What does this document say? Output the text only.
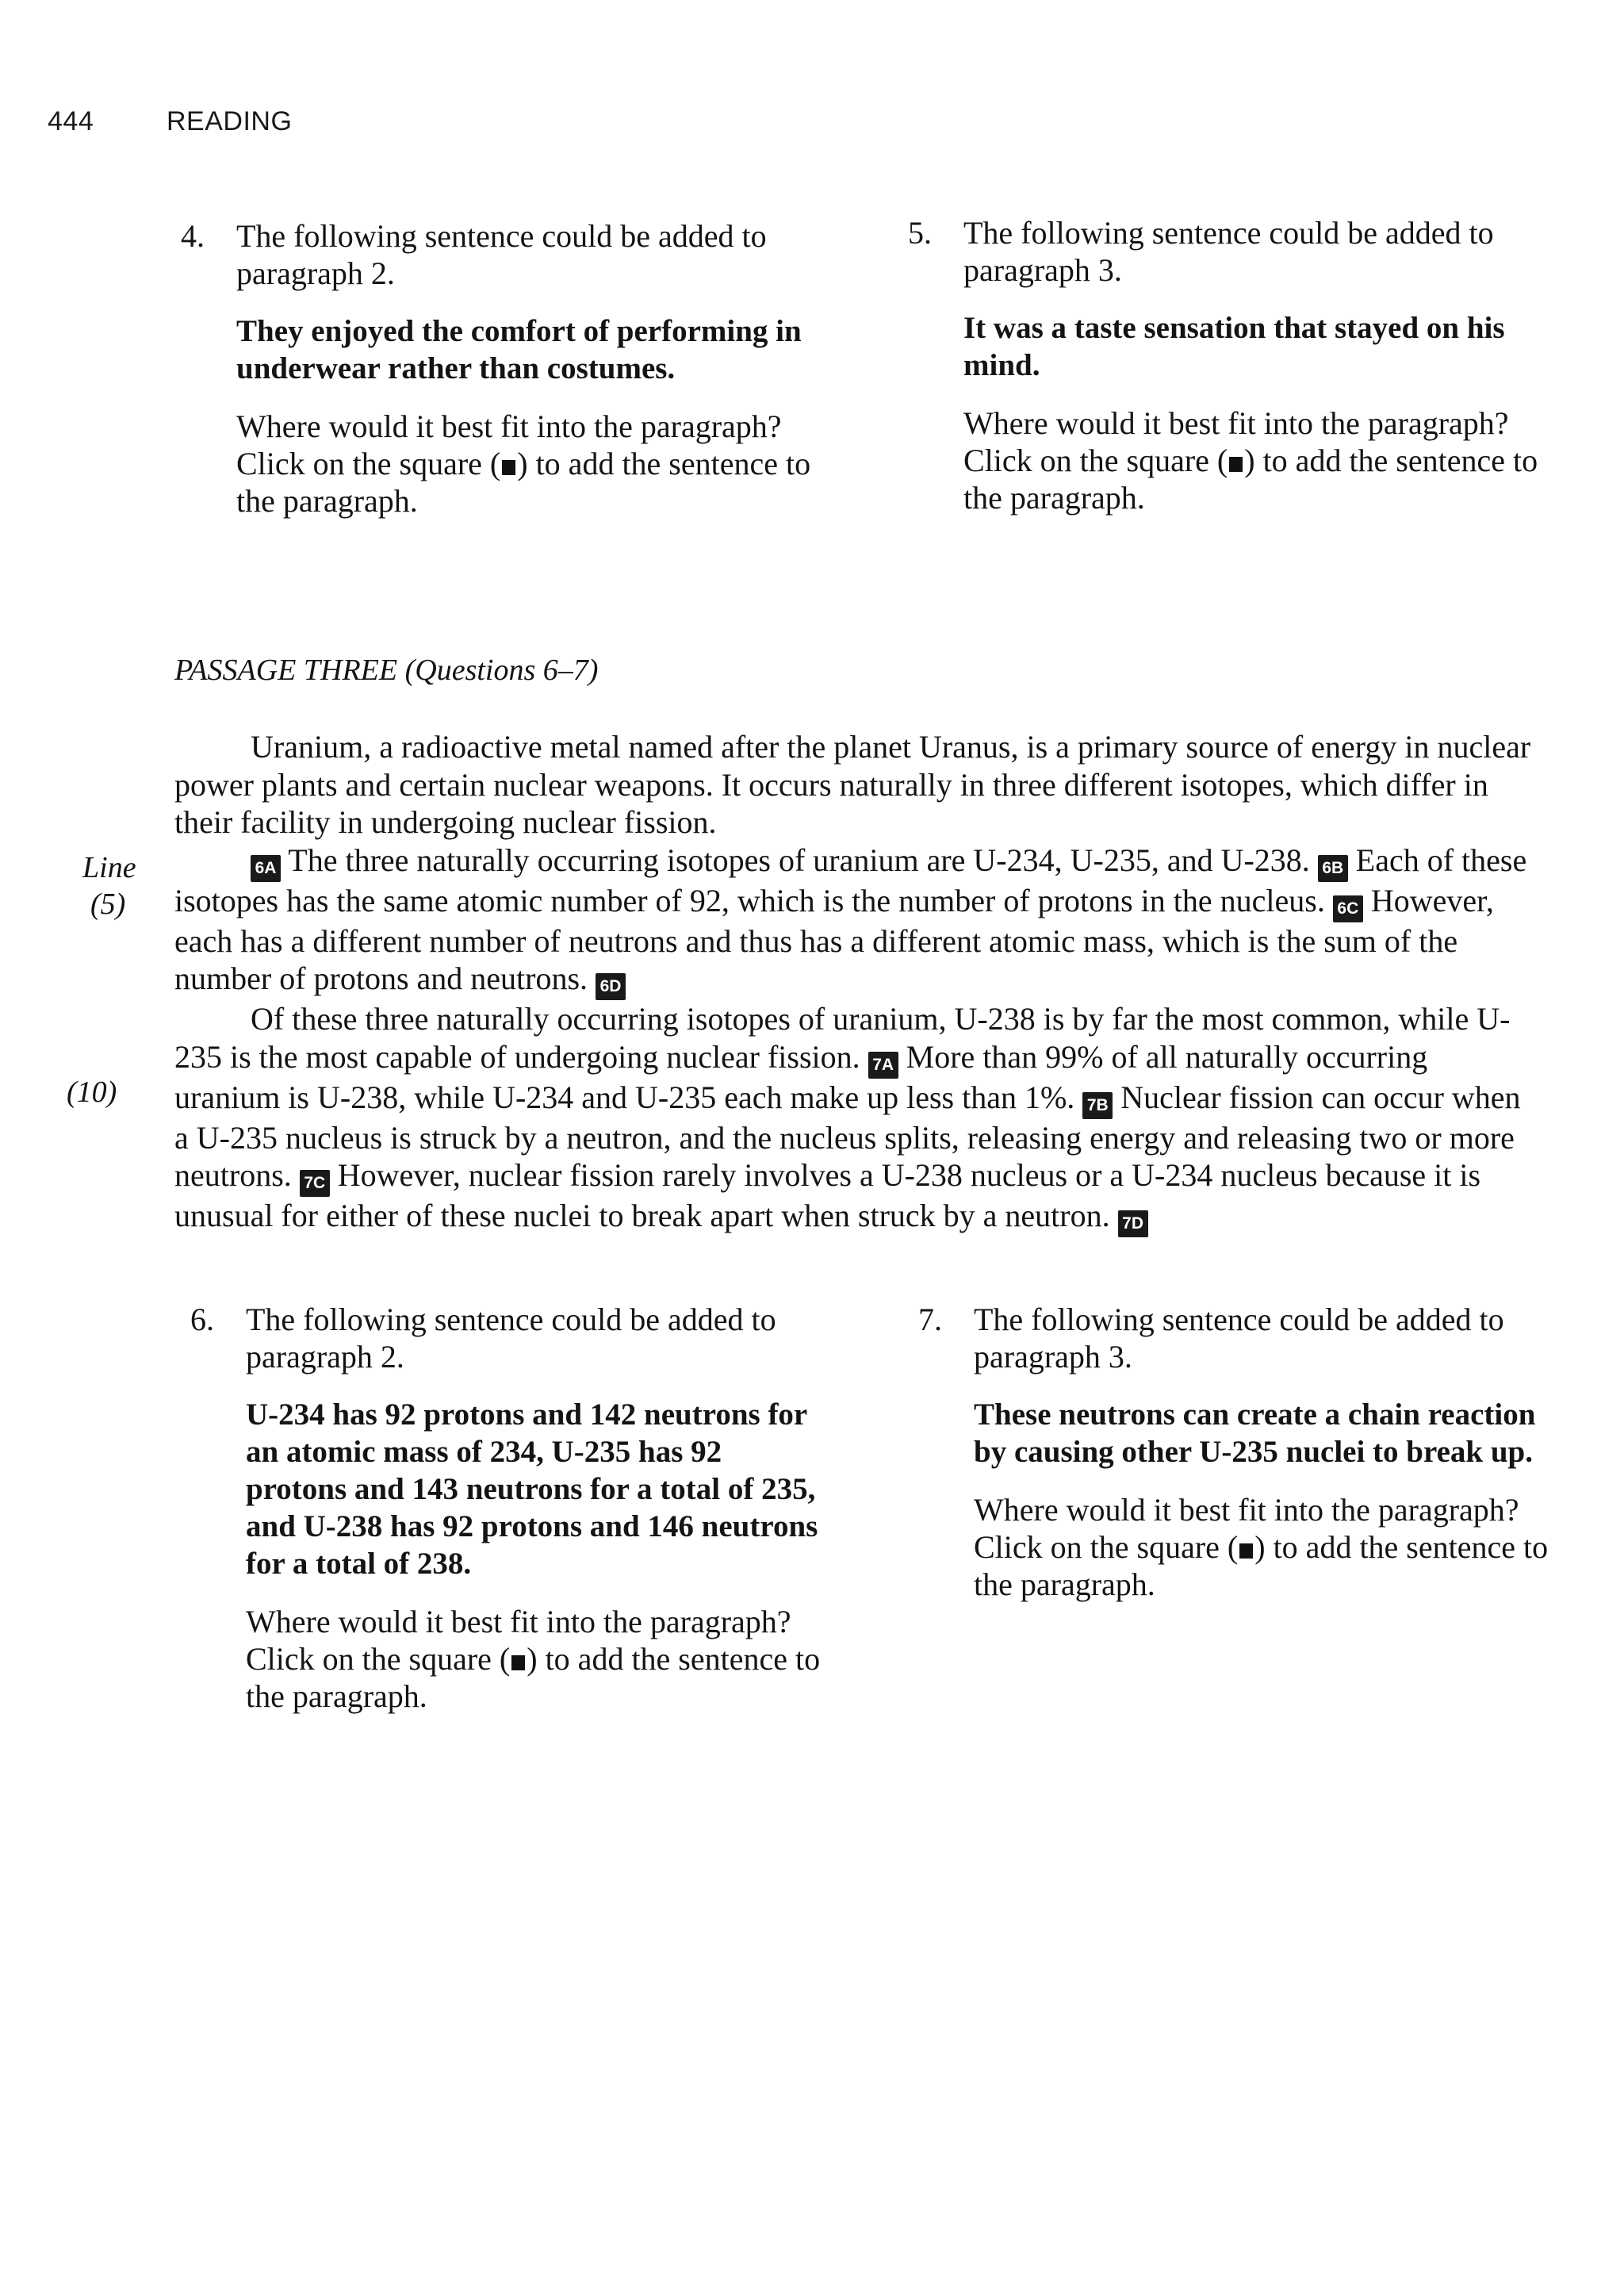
444	READING
4. The following sentence could be added to paragraph 2.

They enjoyed the comfort of performing in underwear rather than costumes.

Where would it best fit into the paragraph? Click on the square ( ) to add the sentence to the paragraph.

5. The following sentence could be added to paragraph 3.

It was a taste sensation that stayed on his mind.

Where would it best fit into the paragraph? Click on the square ( ) to add the sentence to the paragraph.

PASSAGE THREE (Questions 6–7)
Line
(5)
(10)

Uranium, a radioactive metal named after the planet Uranus, is a primary source of energy in nuclear power plants and certain nuclear weapons. It occurs naturally in three different isotopes, which differ in their facility in undergoing nuclear fission.

6A The three naturally occurring isotopes of uranium are U-234, U-235, and U-238. 6B Each of these isotopes has the same atomic number of 92, which is the number of protons in the nucleus. 6C However, each has a different number of neutrons and thus has a different atomic mass, which is the sum of the number of protons and neutrons. 6D

Of these three naturally occurring isotopes of uranium, U-238 is by far the most common, while U-235 is the most capable of undergoing nuclear fission. 7A More than 99% of all naturally occurring uranium is U-238, while U-234 and U-235 each make up less than 1%. 7B Nuclear fission can occur when a U-235 nucleus is struck by a neutron, and the nucleus splits, releasing energy and releasing two or more neutrons. 7C However, nuclear fission rarely involves a U-238 nucleus or a U-234 nucleus because it is unusual for either of these nuclei to break apart when struck by a neutron. 7D

6. The following sentence could be added to paragraph 2.

U-234 has 92 protons and 142 neutrons for an atomic mass of 234, U-235 has 92 protons and 143 neutrons for a total of 235, and U-238 has 92 protons and 146 neutrons for a total of 238.

Where would it best fit into the paragraph? Click on the square ( ) to add the sentence to the paragraph.

7. The following sentence could be added to paragraph 3.

These neutrons can create a chain reaction by causing other U-235 nuclei to break up.

Where would it best fit into the paragraph? Click on the square ( ) to add the sentence to the paragraph.
